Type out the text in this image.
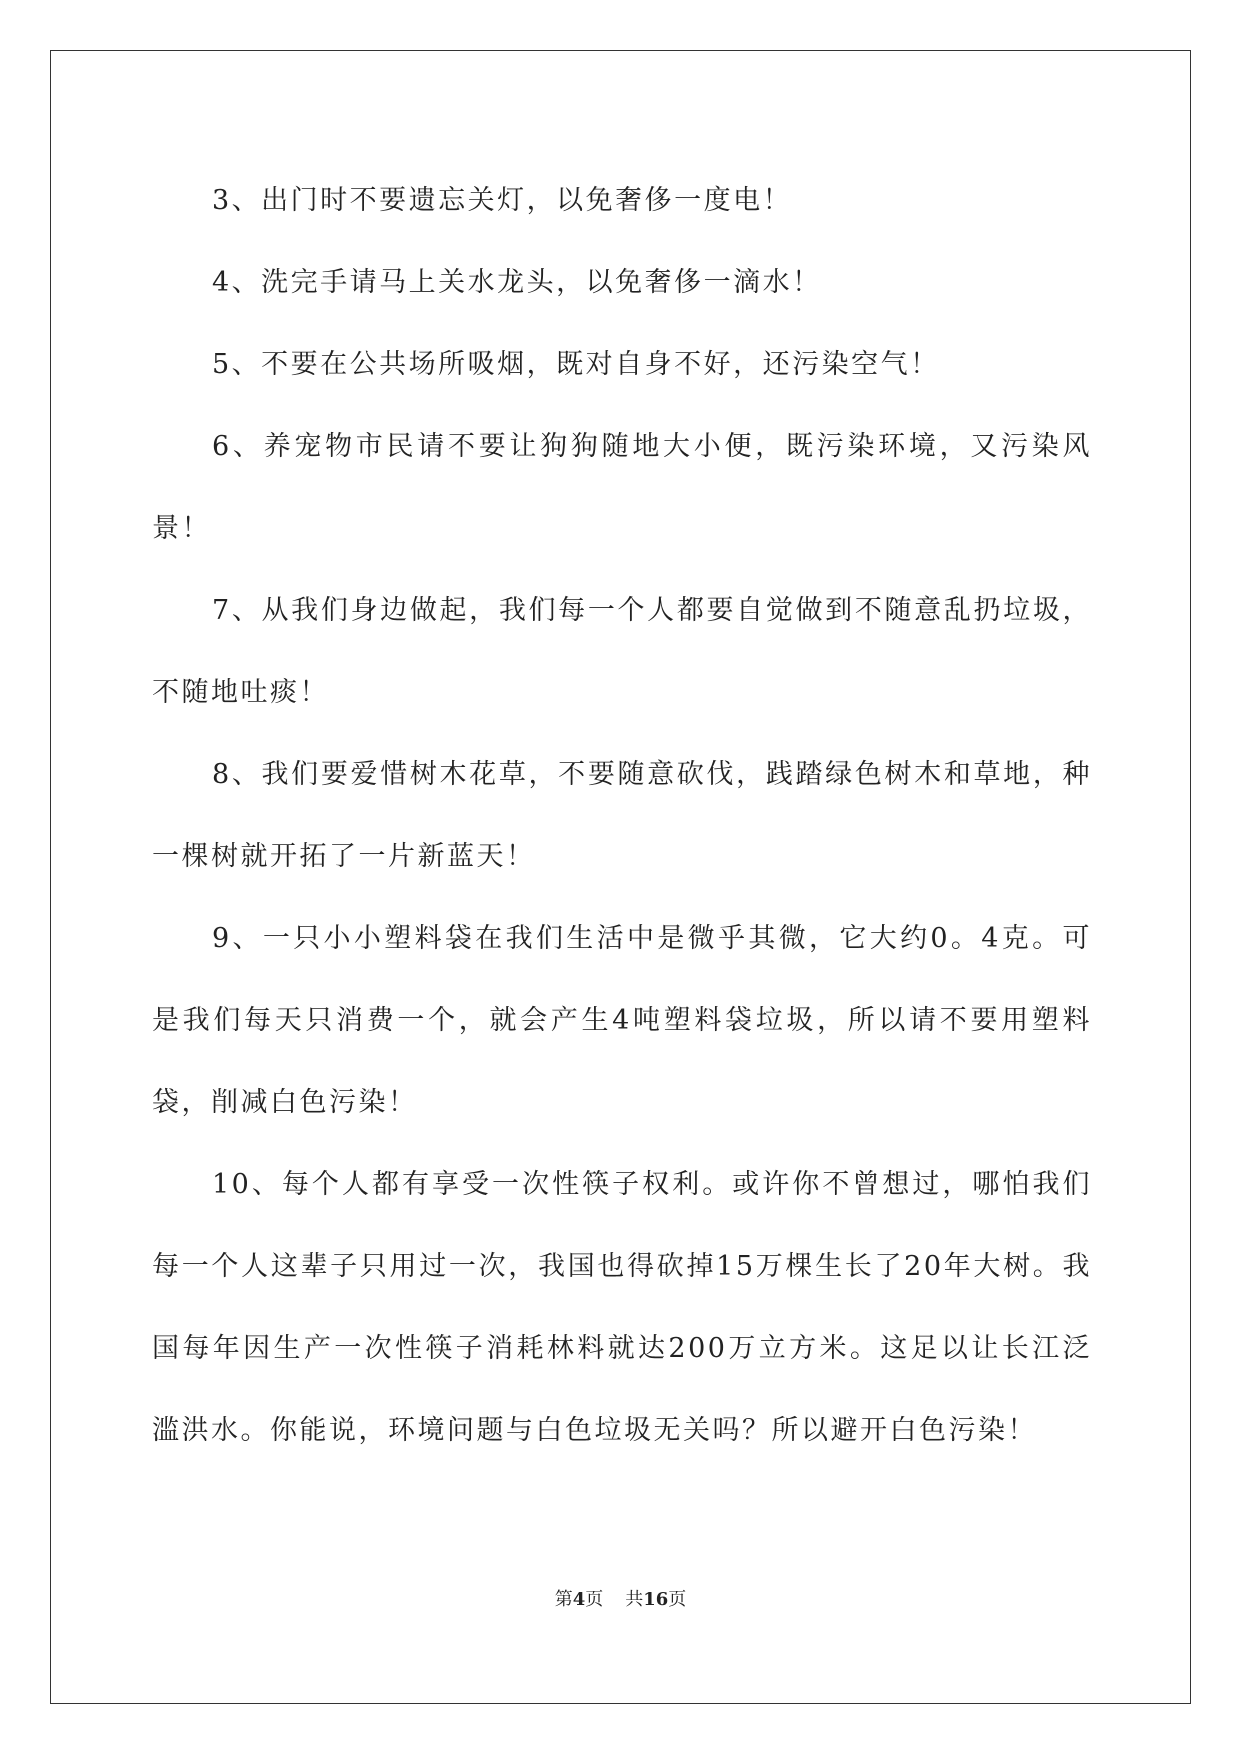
3、出门时不要遗忘关灯，以免奢侈一度电！

4、洗完手请马上关水龙头，以免奢侈一滴水！

5、不要在公共场所吸烟，既对自身不好，还污染空气！

6、养宠物市民请不要让狗狗随地大小便，既污染环境，又污染风景！

7、从我们身边做起，我们每一个人都要自觉做到不随意乱扔垃圾，不随地吐痰！

8、我们要爱惜树木花草，不要随意砍伐，践踏绿色树木和草地，种一棵树就开拓了一片新蓝天！

9、一只小小塑料袋在我们生活中是微乎其微，它大约0。4克。可是我们每天只消费一个，就会产生4吨塑料袋垃圾，所以请不要用塑料袋，削减白色污染！

10、每个人都有享受一次性筷子权利。或许你不曾想过，哪怕我们每一个人这辈子只用过一次，我国也得砍掉15万棵生长了20年大树。我国每年因生产一次性筷子消耗林料就达200万立方米。这足以让长江泛滥洪水。你能说，环境问题与白色垃圾无关吗？所以避开白色污染！

第4页 共16页
